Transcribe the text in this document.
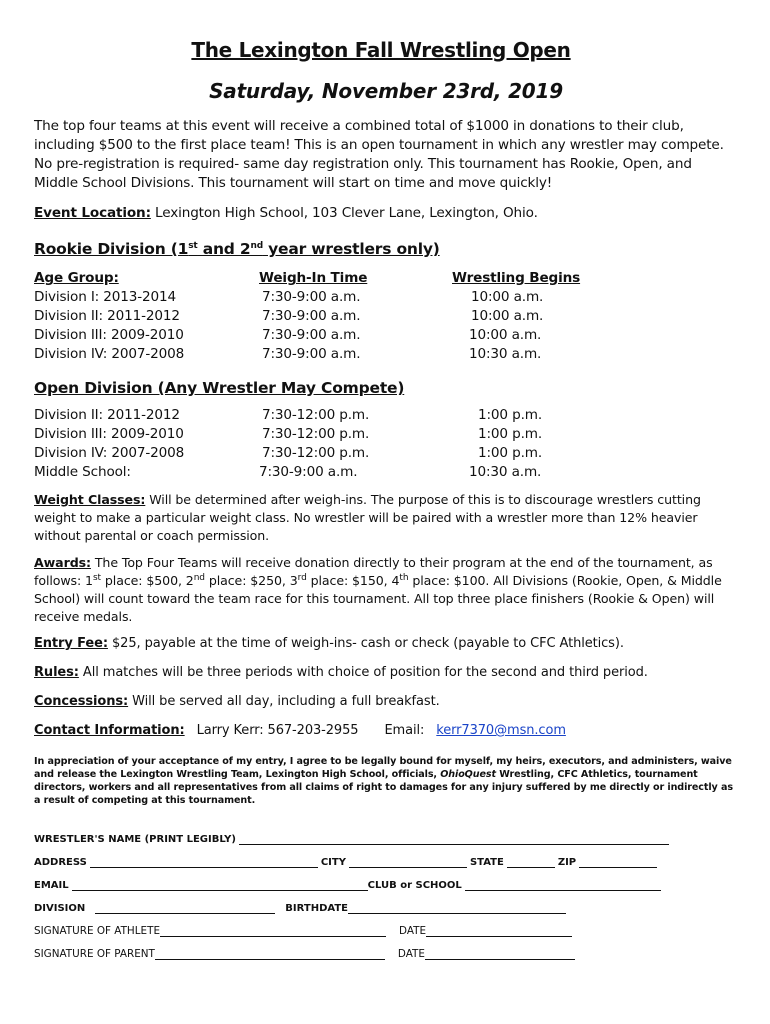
The Lexington Fall Wrestling Open
Saturday, November 23rd, 2019
The top four teams at this event will receive a combined total of $1000 in donations to their club, including $500 to the first place team! This is an open tournament in which any wrestler may compete. No pre-registration is required- same day registration only. This tournament has Rookie, Open, and Middle School Divisions. This tournament will start on time and move quickly!
Event Location: Lexington High School, 103 Clever Lane, Lexington, Ohio.
Rookie Division (1st and 2nd year wrestlers only)
Age Group:	Weigh-In Time	Wrestling Begins
Division I: 2013-2014	7:30-9:00 a.m.	10:00 a.m.
Division II: 2011-2012	7:30-9:00 a.m.	10:00 a.m.
Division III: 2009-2010	7:30-9:00 a.m.	10:00 a.m.
Division IV: 2007-2008	7:30-9:00 a.m.	10:30 a.m.
Open Division (Any Wrestler May Compete)
Division II: 2011-2012	7:30-12:00 p.m.	1:00 p.m.
Division III: 2009-2010	7:30-12:00 p.m.	1:00 p.m.
Division IV: 2007-2008	7:30-12:00 p.m.	1:00 p.m.
Middle School:	7:30-9:00 a.m.	10:30 a.m.
Weight Classes: Will be determined after weigh-ins. The purpose of this is to discourage wrestlers cutting weight to make a particular weight class. No wrestler will be paired with a wrestler more than 12% heavier without parental or coach permission.
Awards: The Top Four Teams will receive donation directly to their program at the end of the tournament, as follows: 1st place: $500, 2nd place: $250, 3rd place: $150, 4th place: $100. All Divisions (Rookie, Open, & Middle School) will count toward the team race for this tournament. All top three place finishers (Rookie & Open) will receive medals.
Entry Fee: $25, payable at the time of weigh-ins- cash or check (payable to CFC Athletics).
Rules: All matches will be three periods with choice of position for the second and third period.
Concessions: Will be served all day, including a full breakfast.
Contact Information: Larry Kerr: 567-203-2955 Email: kerr7370@msn.com
In appreciation of your acceptance of my entry, I agree to be legally bound for myself, my heirs, executors, and administers, waive and release the Lexington Wrestling Team, Lexington High School, officials, OhioQuest Wrestling, CFC Athletics, tournament directors, workers and all representatives from all claims of right to damages for any injury suffered by me directly or indirectly as a result of competing at this tournament.
WRESTLER'S NAME (PRINT LEGIBLY)
ADDRESS	CITY	STATE	ZIP
EMAIL	CLUB or SCHOOL
DIVISION	BIRTHDATE
SIGNATURE OF ATHLETE	DATE
SIGNATURE OF PARENT	DATE
